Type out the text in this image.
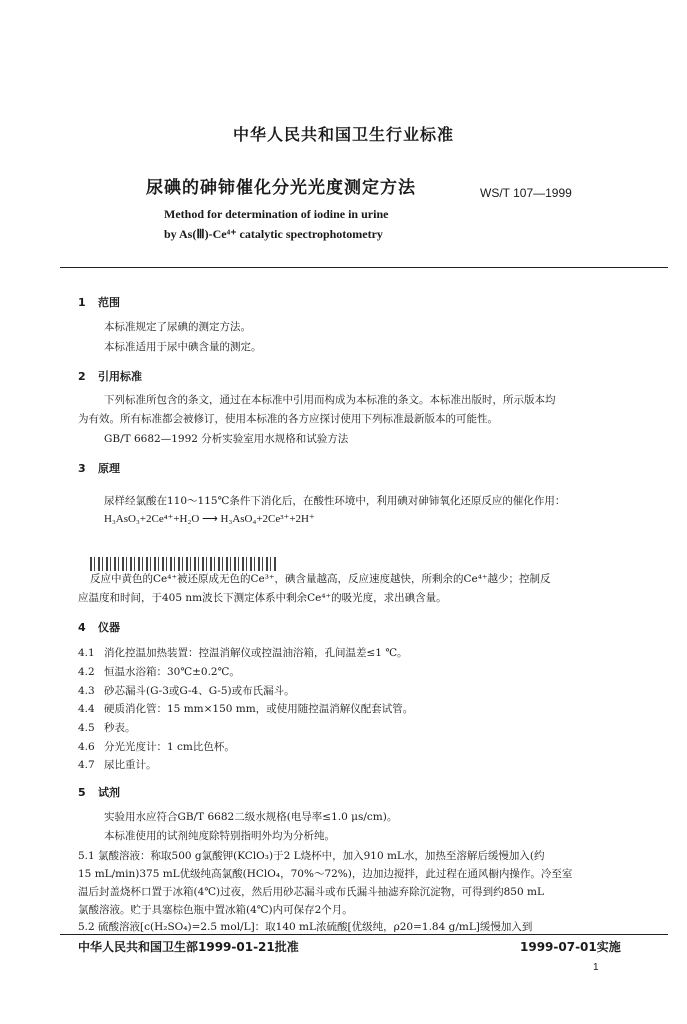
中华人民共和国卫生行业标准
尿碘的砷铈催化分光光度测定方法	WS/T 107—1999
Method for determination of iodine in urine
by As(Ⅲ)-Ce⁴⁺ catalytic spectrophotometry
1 范围
本标准规定了尿碘的测定方法。
本标准适用于尿中碘含量的测定。
2 引用标准
下列标准所包含的条文，通过在本标准中引用而构成为本标准的条文。本标准出版时，所示版本均
为有效。所有标准都会被修订，使用本标准的各方应探讨使用下列标准最新版本的可能性。
GB/T 6682—1992 分析实验室用水规格和试验方法
3 原理
尿样经氯酸在110～115℃条件下消化后，在酸性环境中，利用碘对砷铈氧化还原反应的催化作用：
H₃AsO₃+2Ce⁴⁺+H₂O ⟶ H₃AsO₄+2Ce³⁺+2H⁺
反应中黄色的Ce⁴⁺被还原成无色的Ce³⁺，碘含量越高，反应速度越快，所剩余的Ce⁴⁺越少；控制反
应温度和时间，于405 nm波长下测定体系中剩余Ce⁴⁺的吸光度，求出碘含量。
4 仪器
4.1 消化控温加热装置：控温消解仪或控温油浴箱，孔间温差≤1 ℃。
4.2 恒温水浴箱：30℃±0.2℃。
4.3 砂芯漏斗(G-3或G-4、G-5)或布氏漏斗。
4.4 硬质消化管：15 mm×150 mm，或使用随控温消解仪配套试管。
4.5 秒表。
4.6 分光光度计：1 cm比色杯。
4.7 尿比重计。
5 试剂
实验用水应符合GB/T 6682二级水规格(电导率≤1.0 μs/cm)。
本标准使用的试剂纯度除特别指明外均为分析纯。
5.1 氯酸溶液：称取500 g氯酸钾(KClO₃)于2 L烧杯中，加入910 mL水，加热至溶解后缓慢加入(约
15 mL/min)375 mL优级纯高氯酸(HClO₄，70%～72%)，边加边搅拌，此过程在通风橱内操作。冷至室
温后封盖烧杯口置于冰箱(4℃)过夜，然后用砂芯漏斗或布氏漏斗抽滤弃除沉淀物，可得到约850 mL
氯酸溶液。贮于具塞棕色瓶中置冰箱(4℃)内可保存2个月。
5.2 硫酸溶液[c(H₂SO₄)=2.5 mol/L]：取140 mL浓硫酸[优级纯，ρ20=1.84 g/mL]缓慢加入到
中华人民共和国卫生部1999-01-21批准	1999-07-01实施
1
